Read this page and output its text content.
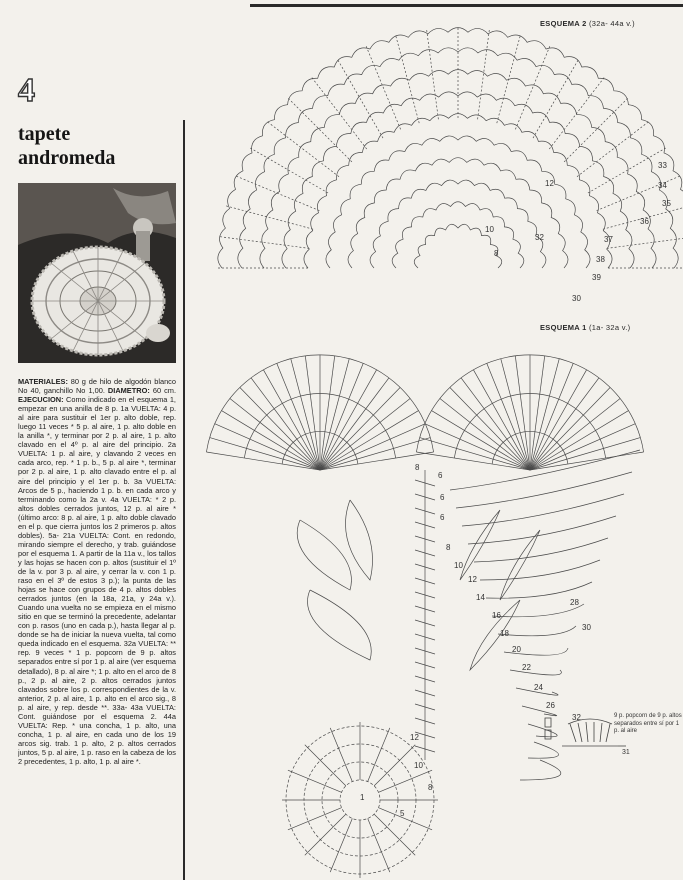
4
tapete
andromeda
MATERIALES: 80 g de hilo de algodón blanco No 40, ganchillo No 1,00. DIAMETRO: 60 cm. EJECUCION: Como indicado en el esquema 1, empezar en una anilla de 8 p. 1a VUELTA: 4 p. al aire para sustituir el 1er p. alto doble, rep. luego 11 veces * 5 p. al aire, 1 p. alto doble en la anilla *, y terminar por 2 p. al aire, 1 p. alto clavado en el 4º p. al aire del principio. 2a VUELTA: 1 p. al aire, y clavando 2 veces en cada arco, rep. * 1 p. b., 5 p. al aire *, terminar por 2 p. al aire, 1 p. alto clavado entre el p. al aire del principio y el 1er p. b. 3a VUELTA: Arcos de 5 p., haciendo 1 p. b. en cada arco y terminando como la 2a v. 4a VUELTA: * 2 p. altos dobles cerrados juntos, 12 p. al aire * (último arco: 8 p. al aire, 1 p. alto doble clavado en el p. que cierra juntos los 2 primeros p. altos dobles). 5a- 21a VUELTA: Cont. en redondo, mirando siempre el derecho, y trab. guiándose por el esquema 1. A partir de la 11a v., los tallos y las hojas se hacen con p. altos (sustituir el 1º de la v. por 3 p. al aire, y cerrar la v. con 1 p. raso en el 3º de estos 3 p.); la punta de las hojas se hace con grupos de 4 p. altos dobles cerrados juntos (en la 18a, 21a, y 24a v.). Cuando una vuelta no se empieza en el mismo sitio en que se terminó la precedente, adelantar con p. rasos (uno en cada p.), hasta llegar al p. donde se ha de iniciar la nueva vuelta, tal como queda indicado en el esquema. 32a VUELTA: ** rep. 9 veces * 1 p. popcorn de 9 p. altos separados entre sí por 1 p. al aire (ver esquema detallado), 8 p. al aire *; 1 p. alto en el arco de 8 p., 2 p. al aire, 2 p. altos cerrados juntos clavados sobre los p. correspondientes de la v. anterior, 2 p. al aire, 1 p. alto en el arco sig., 8 p. al aire, y rep. desde **. 33a- 43a VUELTA: Cont. guiándose por el esquema 2. 44a VUELTA: Rep. * una concha, 1 p. alto, una concha, 1 p. al aire, en cada uno de los 19 arcos sig. trab. 1 p. alto, 2 p. altos cerrados juntos, 5 p. al aire, 1 p. raso en la cabeza de los 2 precedentes, 1 p. alto, 1 p. al aire *.
ESQUEMA 2 (32a- 44a v.)
ESQUEMA 1 (1a- 32a v.)
12
10
32
8
33
34
35
36
37
38
39
30
8
6
6
6
8
10
12
14
16
18
20
22
24
26
28
30
32
12
10
8
5
1
31
9 p. popcorn de 9 p. altos separados entre sí por 1 p. al aire
